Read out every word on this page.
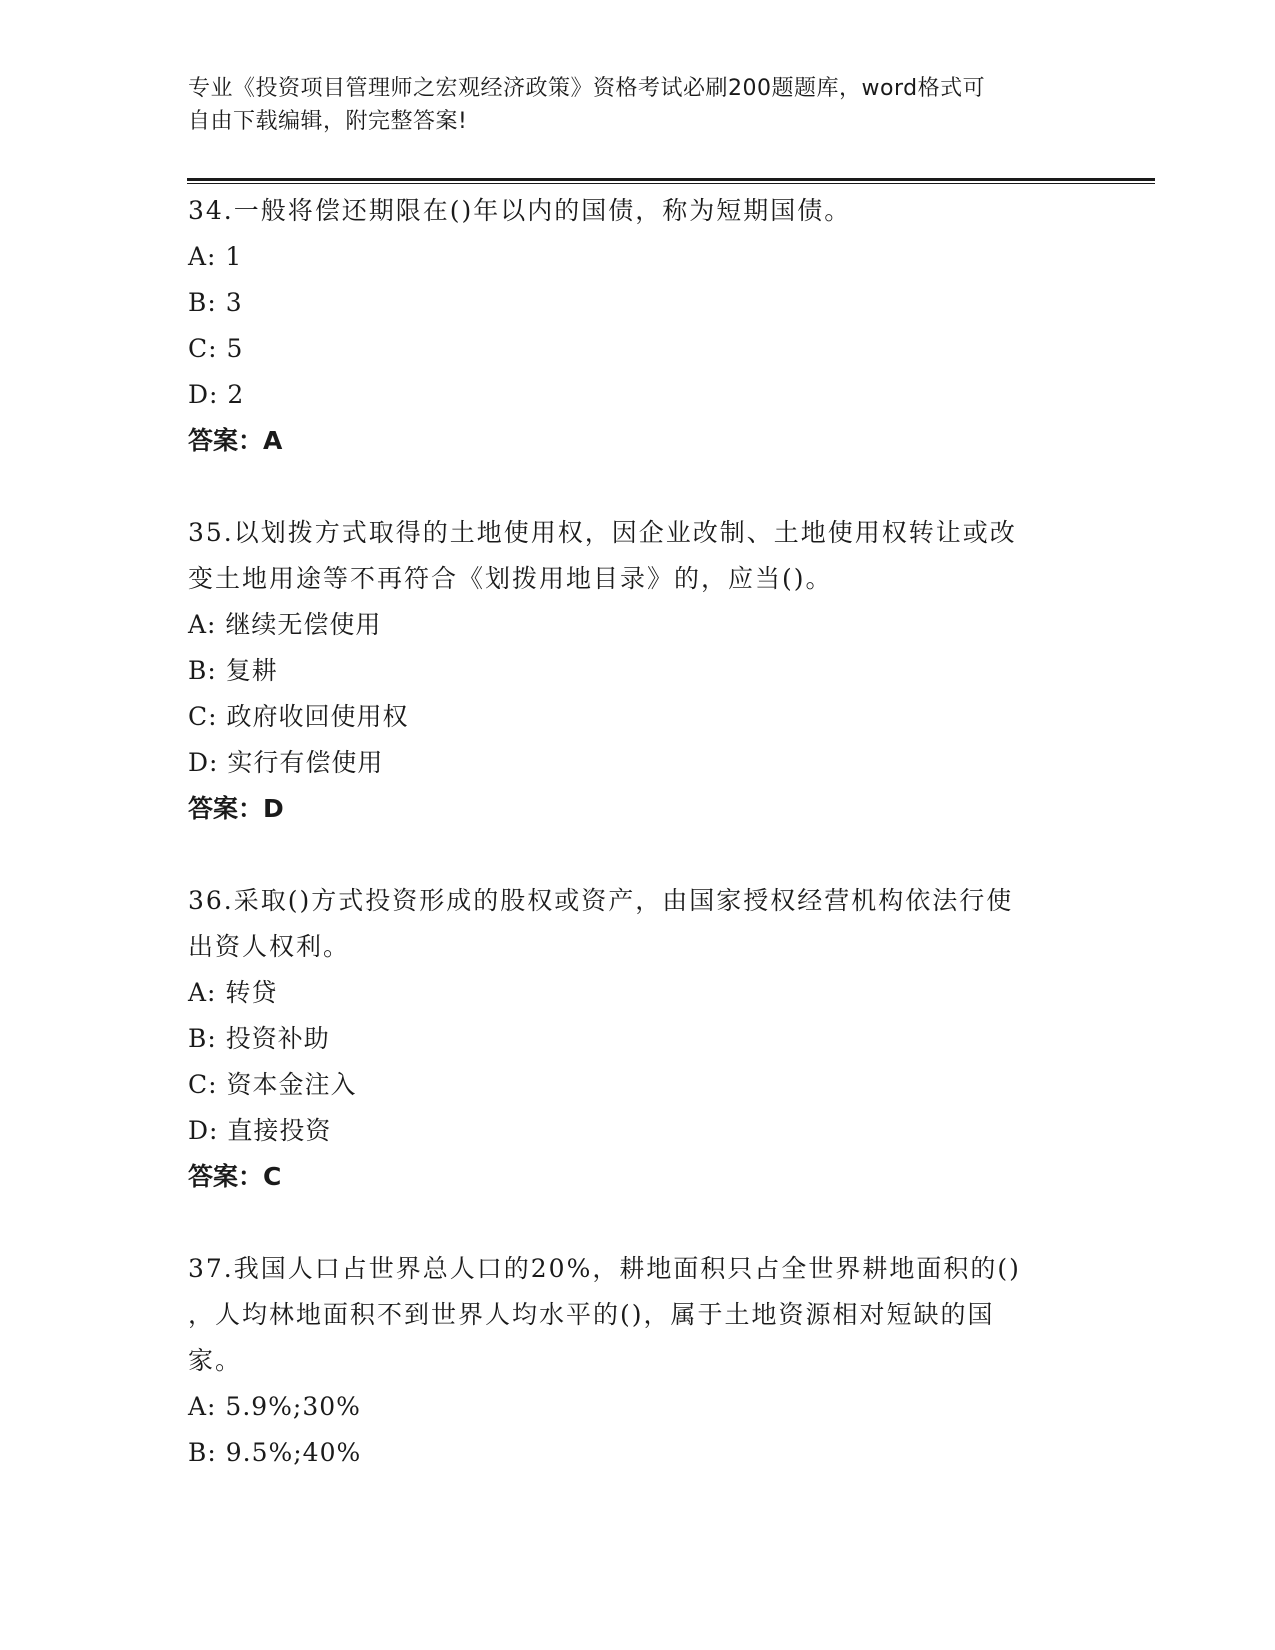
专业《投资项目管理师之宏观经济政策》资格考试必刷200题题库，word格式可
自由下载编辑，附完整答案!
34.一般将偿还期限在()年以内的国债，称为短期国债。
A: 1
B: 3
C: 5
D: 2
答案：A
35.以划拨方式取得的土地使用权，因企业改制、土地使用权转让或改
变土地用途等不再符合《划拨用地目录》的，应当()。
A: 继续无偿使用
B: 复耕
C: 政府收回使用权
D: 实行有偿使用
答案：D
36.采取()方式投资形成的股权或资产，由国家授权经营机构依法行使
出资人权利。
A: 转贷
B: 投资补助
C: 资本金注入
D: 直接投资
答案：C
37.我国人口占世界总人口的20%，耕地面积只占全世界耕地面积的()
，人均林地面积不到世界人均水平的()，属于土地资源相对短缺的国
家。
A: 5.9%;30%
B: 9.5%;40%
